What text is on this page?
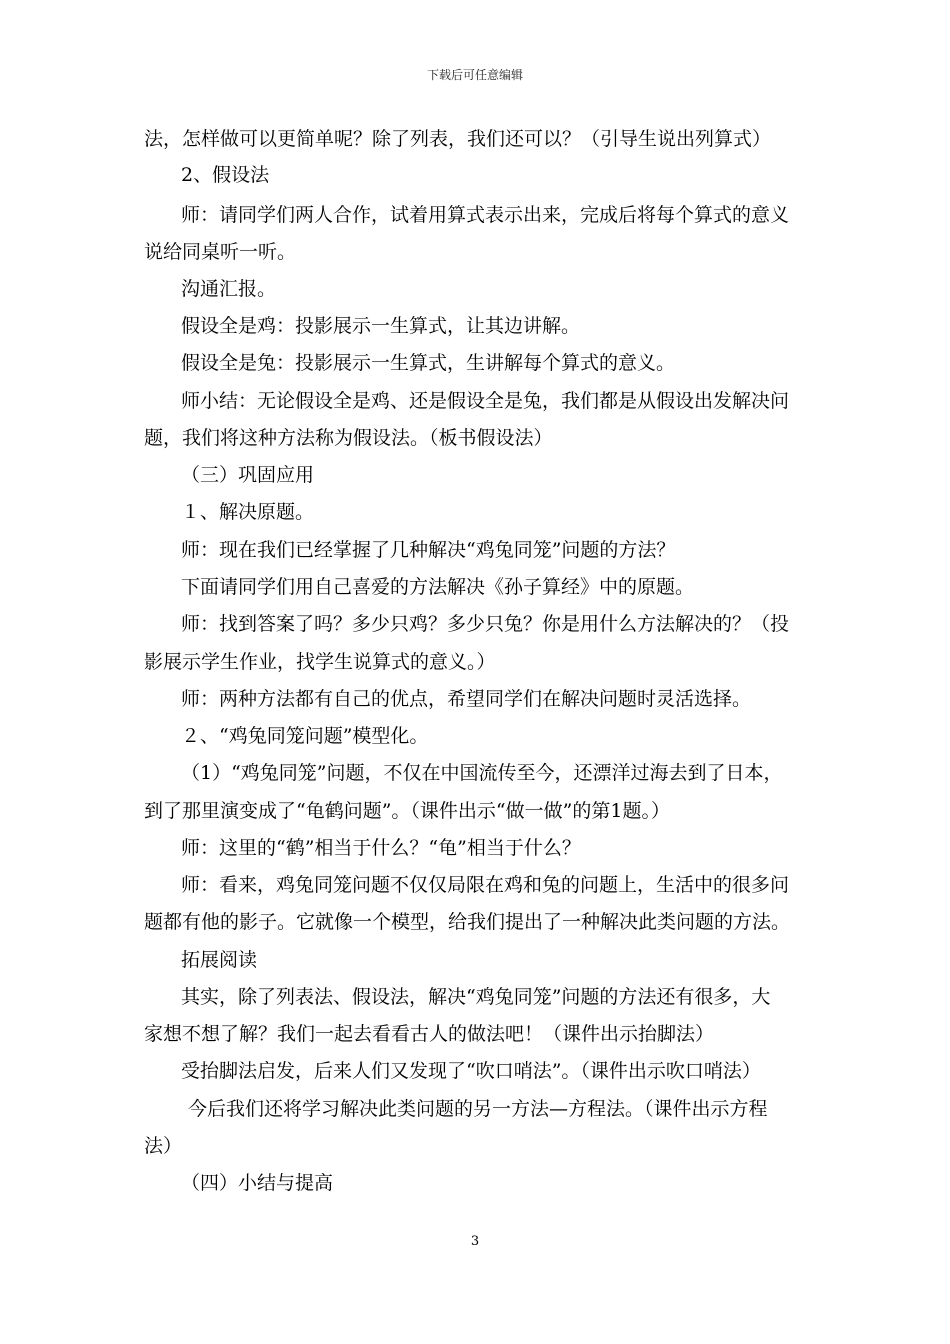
下载后可任意编辑
法，怎样做可以更简单呢？除了列表，我们还可以？（引导生说出列算式）
2、假设法
师：请同学们两人合作，试着用算式表示出来，完成后将每个算式的意义
说给同桌听一听。
沟通汇报。
假设全是鸡：投影展示一生算式，让其边讲解。
假设全是兔：投影展示一生算式，生讲解每个算式的意义。
师小结：无论假设全是鸡、还是假设全是兔，我们都是从假设出发解决问
题，我们将这种方法称为假设法。（板书假设法）
（三）巩固应用
１、解决原题。
师：现在我们已经掌握了几种解决“鸡兔同笼”问题的方法？
下面请同学们用自己喜爱的方法解决《孙子算经》中的原题。
师：找到答案了吗？多少只鸡？多少只兔？你是用什么方法解决的？（投
影展示学生作业，找学生说算式的意义。）
师：两种方法都有自己的优点，希望同学们在解决问题时灵活选择。
２、“鸡兔同笼问题”模型化。
（1）“鸡兔同笼”问题，不仅在中国流传至今，还漂洋过海去到了日本，
到了那里演变成了“龟鹤问题”。（课件出示“做一做”的第1题。）
师：这里的“鹤”相当于什么？“龟”相当于什么？
师：看来，鸡兔同笼问题不仅仅局限在鸡和兔的问题上，生活中的很多问
题都有他的影子。它就像一个模型，给我们提出了一种解决此类问题的方法。
拓展阅读
其实，除了列表法、假设法，解决“鸡兔同笼”问题的方法还有很多，大
家想不想了解？我们一起去看看古人的做法吧！（课件出示抬脚法）
受抬脚法启发，后来人们又发现了“吹口哨法”。（课件出示吹口哨法）
今后我们还将学习解决此类问题的另一方法—方程法。（课件出示方程
法）
（四）小结与提高
3
